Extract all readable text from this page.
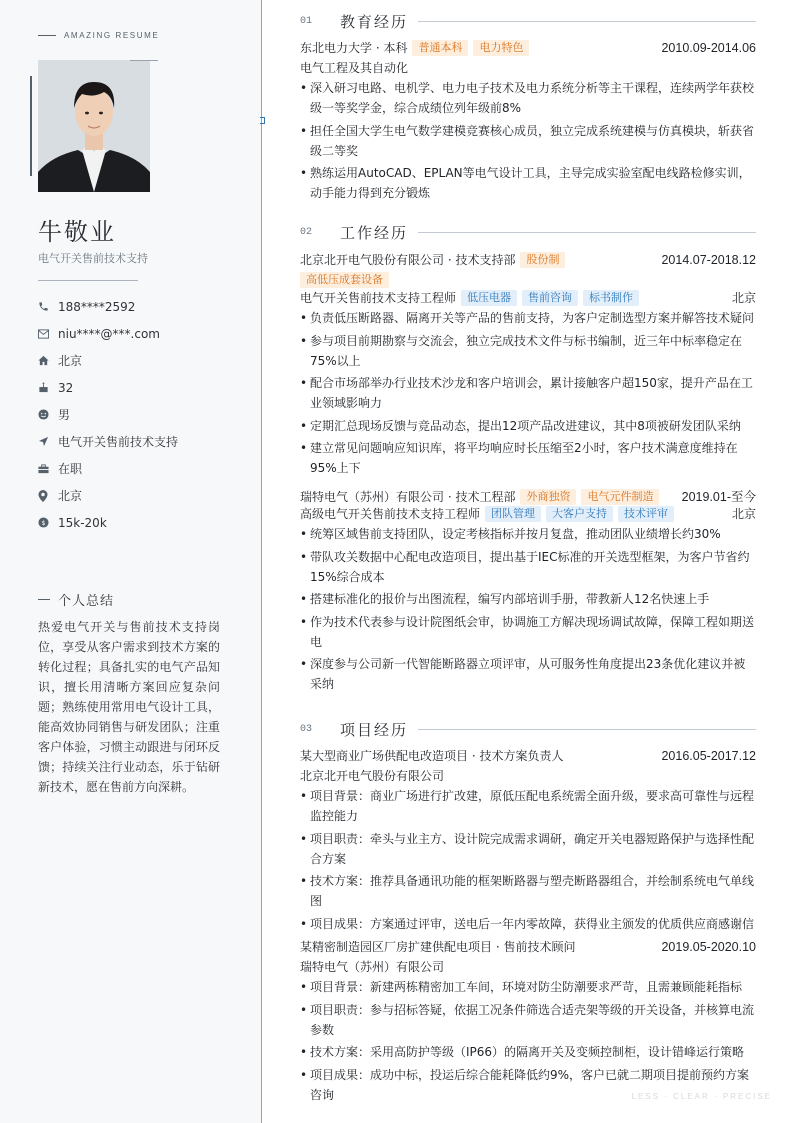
AMAZING RESUME
牛敬业
电气开关售前技术支持
188****2592
niu****@***.com
北京
32
男
电气开关售前技术支持
在职
北京
$ 15k-20k
个人总结

热爱电气开关与售前技术支持岗位，享受从客户需求到技术方案的转化过程；具备扎实的电气产品知识，擅长用清晰方案回应复杂问题；熟练使用常用电气设计工具，能高效协同销售与研发团队；注重客户体验，习惯主动跟进与闭环反馈；持续关注行业动态，乐于钻研新技术，愿在售前方向深耕。

01	教育经历
东北电力大学 · 本科	普通本科	电力特色	2010.09-2014.06
电气工程及其自动化
• 深入研习电路、电机学、电力电子技术及电力系统分析等主干课程，连续两学年获校级一等奖学金，综合成绩位列年级前8%
• 担任全国大学生电气数学建模竞赛核心成员，独立完成系统建模与仿真模块，斩获省级二等奖
• 熟练运用AutoCAD、EPLAN等电气设计工具，主导完成实验室配电线路检修实训，动手能力得到充分锻炼
02	工作经历
北京北开电气股份有限公司 · 技术支持部	股份制
高低压成套设备
2014.07-2018.12
电气开关售前技术支持工程师	低压电器	售前咨询	标书制作	北京
• 负责低压断路器、隔离开关等产品的售前支持，为客户定制选型方案并解答技术疑问
• 参与项目前期勘察与交流会，独立完成技术文件与标书编制，近三年中标率稳定在75%以上
• 配合市场部举办行业技术沙龙和客户培训会，累计接触客户超150家，提升产品在工业领域影响力
• 定期汇总现场反馈与竞品动态，提出12项产品改进建议，其中8项被研发团队采纳
• 建立常见问题响应知识库，将平均响应时长压缩至2小时，客户技术满意度维持在95%上下
瑞特电气（苏州）有限公司 · 技术工程部	外商独资	电气元件制造	2019.01-至今
高级电气开关售前技术支持工程师	团队管理	大客户支持	技术评审	北京
• 统筹区域售前支持团队，设定考核指标并按月复盘，推动团队业绩增长约30%
• 带队攻关数据中心配电改造项目，提出基于IEC标准的开关选型框架，为客户节省约15%综合成本
• 搭建标准化的报价与出图流程，编写内部培训手册，带教新人12名快速上手
• 作为技术代表参与设计院图纸会审，协调施工方解决现场调试故障，保障工程如期送电
• 深度参与公司新一代智能断路器立项评审，从可服务性角度提出23条优化建议并被采纳
03	项目经历
某大型商业广场供配电改造项目 · 技术方案负责人	2016.05-2017.12
北京北开电气股份有限公司
• 项目背景：商业广场进行扩改建，原低压配电系统需全面升级，要求高可靠性与远程监控能力
• 项目职责：牵头与业主方、设计院完成需求调研，确定开关电器短路保护与选择性配合方案
• 技术方案：推荐具备通讯功能的框架断路器与塑壳断路器组合，并绘制系统电气单线图
• 项目成果：方案通过评审，送电后一年内零故障，获得业主颁发的优质供应商感谢信
某精密制造园区厂房扩建供配电项目 · 售前技术顾问	2019.05-2020.10
瑞特电气（苏州）有限公司
• 项目背景：新建两栋精密加工车间，环境对防尘防潮要求严苛，且需兼顾能耗指标
• 项目职责：参与招标答疑，依据工况条件筛选合适壳架等级的开关设备，并核算电流参数
• 技术方案：采用高防护等级（IP66）的隔离开关及变频控制柜，设计错峰运行策略
• 项目成果：成功中标，投运后综合能耗降低约9%，客户已就二期项目提前预约方案咨询	LESS · CLEAR · PRECISE
